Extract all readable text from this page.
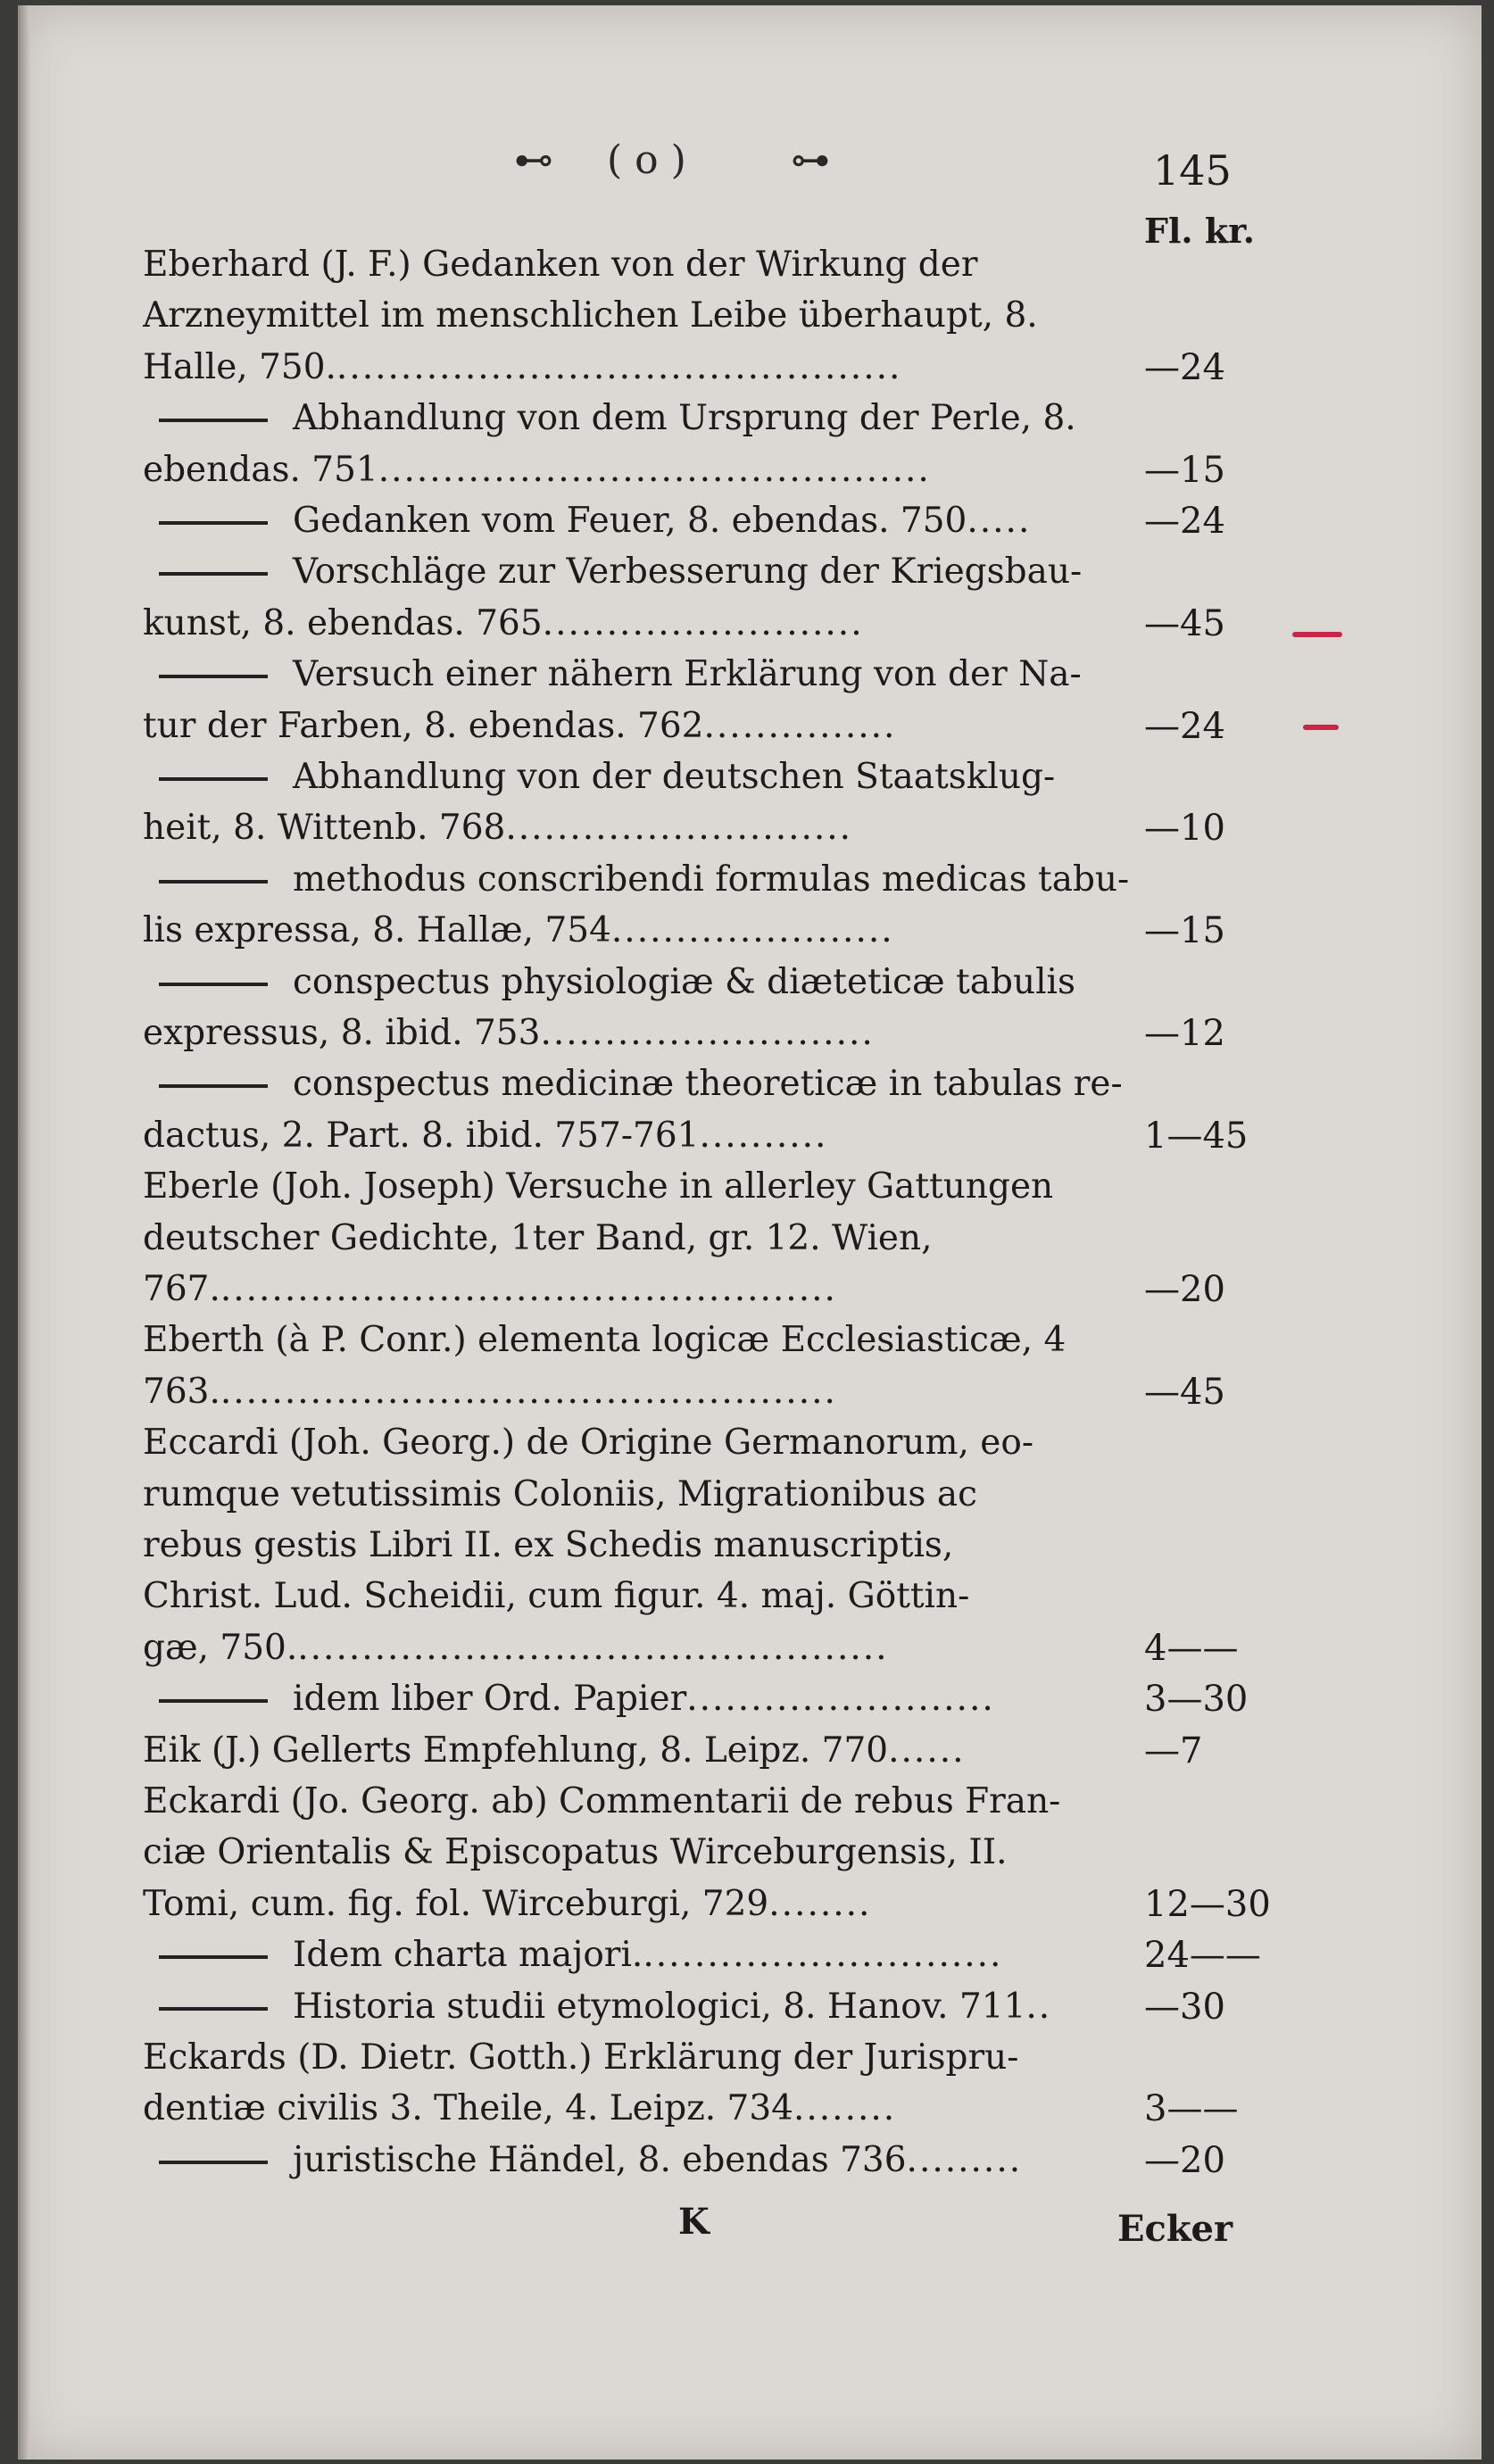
⊷ ( o )	⊶	145
Fl. kr.
Eberhard (J. F.) Gedanken von der Wirkung der
Arzneymittel im menschlichen Leibe überhaupt, 8.
Halle, 750.............................................	—24
Abhandlung von dem Ursprung der Perle, 8.
ebendas. 751...........................................	—15
Gedanken vom Feuer, 8. ebendas. 750.....	—24
Vorschläge zur Verbesserung der Kriegsbau-
kunst, 8. ebendas. 765.........................	—45
Versuch einer nähern Erklärung von der Na-
tur der Farben, 8. ebendas. 762...............	—24
Abhandlung von der deutschen Staatsklug-
heit, 8. Wittenb. 768...........................	—10
methodus conscribendi formulas medicas tabu-
lis expressa, 8. Hallæ, 754......................	—15
conspectus physiologiæ & diæteticæ tabulis
expressus, 8. ibid. 753..........................	—12
conspectus medicinæ theoreticæ in tabulas re-
dactus, 2. Part. 8. ibid. 757-761..........	1—45
Eberle (Joh. Joseph) Versuche in allerley Gattungen
deutscher Gedichte, 1ter Band, gr. 12. Wien,
767.................................................	—20
Eberth (à P. Conr.) elementa logicæ Ecclesiasticæ, 4
763.................................................	—45
Eccardi (Joh. Georg.) de Origine Germanorum, eo-
rumque vetutissimis Coloniis, Migrationibus ac
rebus gestis Libri II. ex Schedis manuscriptis,
Christ. Lud. Scheidii, cum figur. 4. maj. Göttin-
gæ, 750...............................................	4——
idem liber Ord. Papier........................	3—30
Eik (J.) Gellerts Empfehlung, 8. Leipz. 770......	—7
Eckardi (Jo. Georg. ab) Commentarii de rebus Fran-
ciæ Orientalis & Episcopatus Wirceburgensis, II.
Tomi, cum. fig. fol. Wirceburgi, 729........	12—30
Idem charta majori.............................	24——
Historia studii etymologici, 8. Hanov. 711..	—30
Eckards (D. Dietr. Gotth.) Erklärung der Jurispru-
dentiæ civilis 3. Theile, 4. Leipz. 734........	3——
juristische Händel, 8. ebendas 736.........	—20
K	Ecker
